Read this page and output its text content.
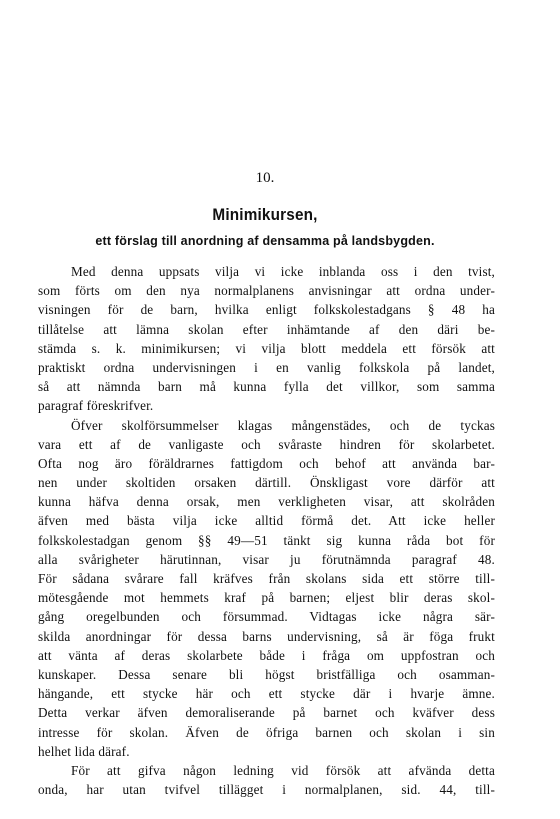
10.
Minimikursen,
ett förslag till anordning af densamma på landsbygden.
Med denna uppsats vilja vi icke inblanda oss i den tvist,
som förts om den nya normalplanens anvisningar att ordna under-
visningen för de barn, hvilka enligt folkskolestadgans § 48 ha
tillåtelse att lämna skolan efter inhämtande af den däri be-
stämda s. k. minimikursen; vi vilja blott meddela ett försök att
praktiskt ordna undervisningen i en vanlig folkskola på landet,
så att nämnda barn må kunna fylla det villkor, som samma
paragraf föreskrifver.
Öfver skolförsummelser klagas mångenstädes, och de tyckas
vara ett af de vanligaste och svåraste hindren för skolarbetet.
Ofta nog äro föräldrarnes fattigdom och behof att använda bar-
nen under skoltiden orsaken därtill. Önskligast vore därför att
kunna häfva denna orsak, men verkligheten visar, att skolråden
äfven med bästa vilja icke alltid förmå det. Att icke heller
folkskolestadgan genom §§ 49—51 tänkt sig kunna råda bot för
alla svårigheter härutinnan, visar ju förutnämnda paragraf 48.
För sådana svårare fall kräfves från skolans sida ett större till-
mötesgående mot hemmets kraf på barnen; eljest blir deras skol-
gång oregelbunden och försummad. Vidtagas icke några sär-
skilda anordningar för dessa barns undervisning, så är föga frukt
att vänta af deras skolarbete både i fråga om uppfostran och
kunskaper. Dessa senare bli högst bristfälliga och osamman-
hängande, ett stycke här och ett stycke där i hvarje ämne.
Detta verkar äfven demoraliserande på barnet och kväfver dess
intresse för skolan. Äfven de öfriga barnen och skolan i sin
helhet lida däraf.
För att gifva någon ledning vid försök att afvända detta
onda, har utan tvifvel tillägget i normalplanen, sid. 44, till-
